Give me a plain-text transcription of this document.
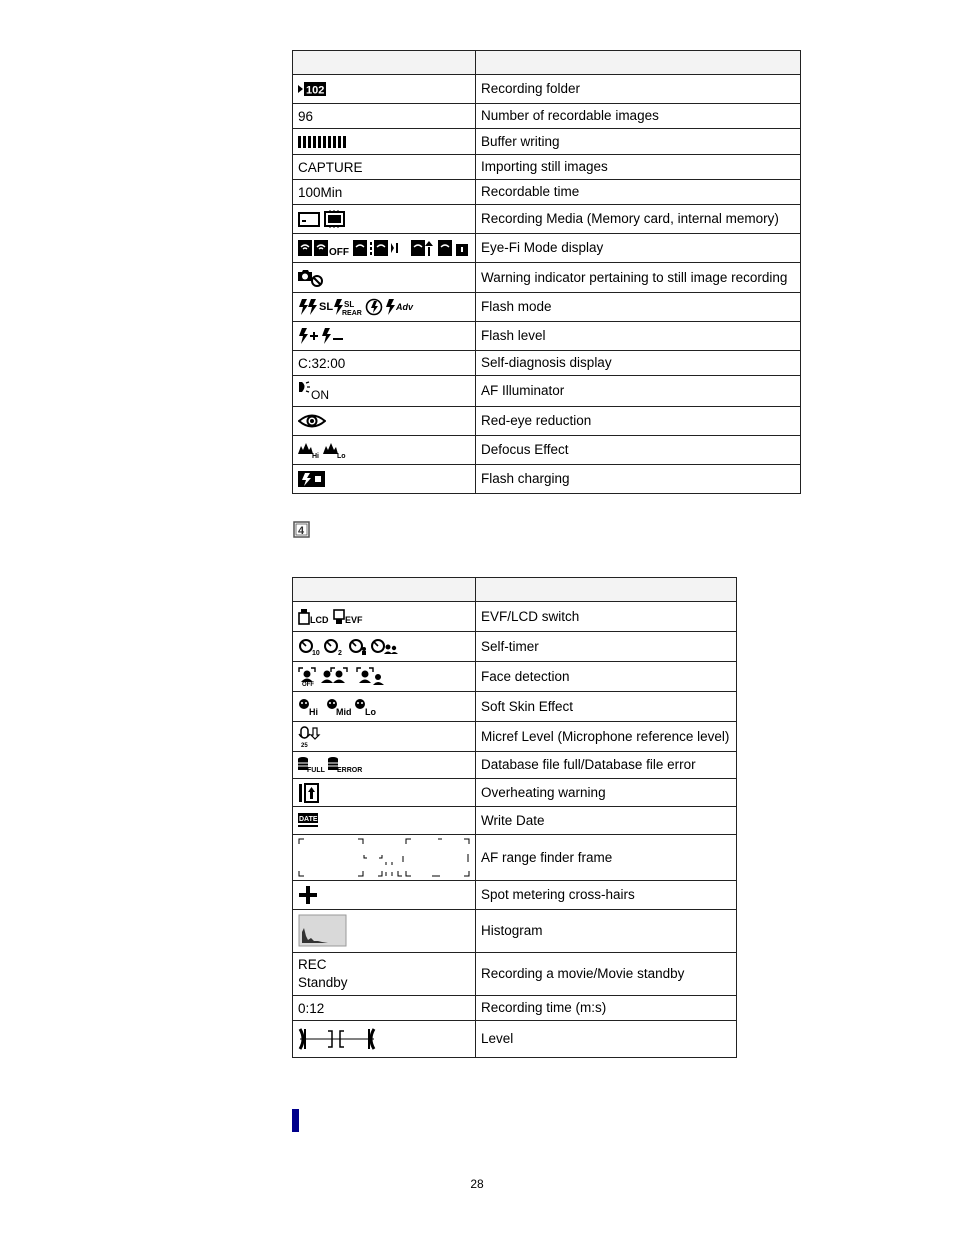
102	Recording folder
96	Number of recordable images

	Buffer writing
CAPTURE	Importing still images
100Min	Recordable time

	Recording Media (Memory card, internal memory)

OFF	Eye-Fi Mode display

	Warning indicator pertaining to still image recording

SL SL
REAR
Adv	Flash mode

	Flash level
C:32:00	Self-diagnosis display

ON	AF Illuminator

	Red-eye reduction

Hi Lo	Defocus Effect

	Flash charging
4

LCD EVF	EVF/LCD switch

10 2	Self-timer

OFF	Face detection

Hi Mid Lo	Soft Skin Effect

25	Micref Level (Microphone reference level)

FULL ERROR	Database file full/Database file error

	Overheating warning

DATE	Write Date

	AF range finder frame

	Spot metering cross-hairs

	Histogram

REC
Standby	Recording a movie/Movie standby
0:12	Recording time (m:s)

	Level
28
